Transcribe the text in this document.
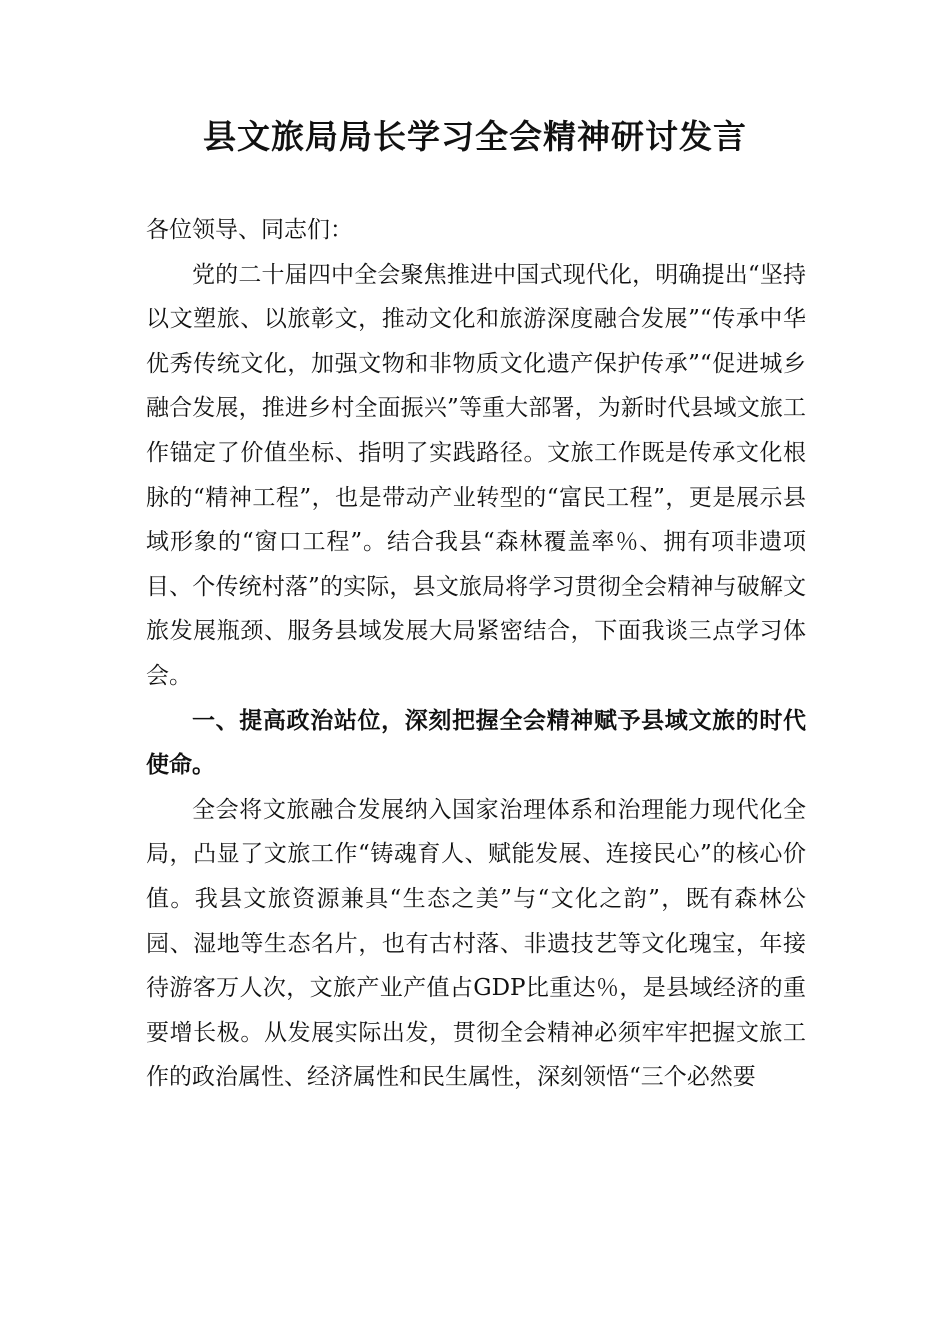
县文旅局局长学习全会精神研讨发言

各位领导、同志们：

党的二十届四中全会聚焦推进中国式现代化，明确提出“坚持以文塑旅、以旅彰文，推动文化和旅游深度融合发展”“传承中华优秀传统文化，加强文物和非物质文化遗产保护传承”“促进城乡融合发展，推进乡村全面振兴”等重大部署，为新时代县域文旅工作锚定了价值坐标、指明了实践路径。文旅工作既是传承文化根脉的“精神工程”，也是带动产业转型的“富民工程”，更是展示县域形象的“窗口工程”。结合我县“森林覆盖率％、拥有项非遗项目、个传统村落”的实际，县文旅局将学习贯彻全会精神与破解文旅发展瓶颈、服务县域发展大局紧密结合，下面我谈三点学习体会。

一、提高政治站位，深刻把握全会精神赋予县域文旅的时代使命。

全会将文旅融合发展纳入国家治理体系和治理能力现代化全局，凸显了文旅工作“铸魂育人、赋能发展、连接民心”的核心价值。我县文旅资源兼具“生态之美”与“文化之韵”，既有森林公园、湿地等生态名片，也有古村落、非遗技艺等文化瑰宝，年接待游客万人次，文旅产业产值占GDP比重达％，是县域经济的重要增长极。从发展实际出发，贯彻全会精神必须牢牢把握文旅工作的政治属性、经济属性和民生属性，深刻领悟“三个必然要
